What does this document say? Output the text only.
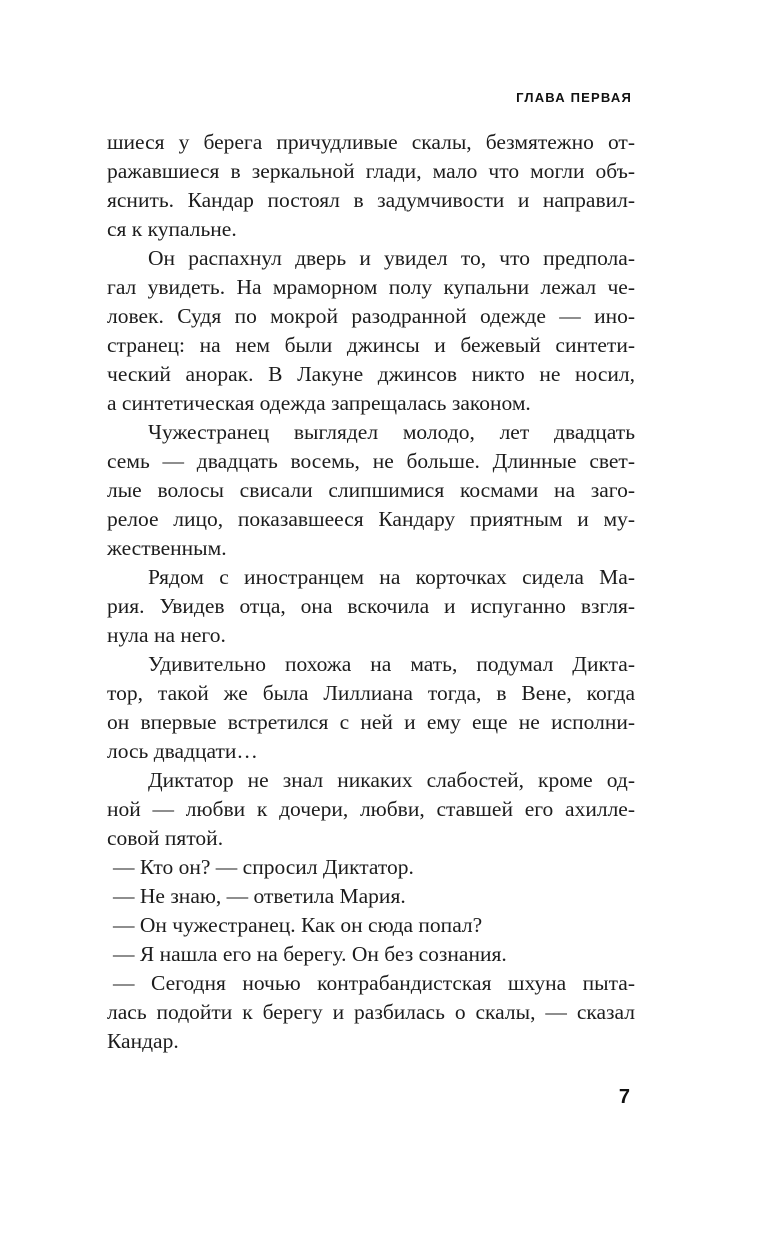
ГЛАВА ПЕРВАЯ
шиеся у берега причудливые скалы, безмятежно от-
ражавшиеся в зеркальной глади, мало что могли объ-
яснить. Кандар постоял в задумчивости и направил-
ся к купальне.
Он распахнул дверь и увидел то, что предпола-
гал увидеть. На мраморном полу купальни лежал че-
ловек. Судя по мокрой разодранной одежде — ино-
странец: на нем были джинсы и бежевый синтети-
ческий анорак. В Лакуне джинсов никто не носил,
а синтетическая одежда запрещалась законом.
Чужестранец выглядел молодо, лет двадцать
семь — двадцать восемь, не больше. Длинные свет-
лые волосы свисали слипшимися космами на заго-
релое лицо, показавшееся Кандару приятным и му-
жественным.
Рядом с иностранцем на корточках сидела Ма-
рия. Увидев отца, она вскочила и испуганно взгля-
нула на него.
Удивительно похожа на мать, подумал Дикта-
тор, такой же была Лиллиана тогда, в Вене, когда
он впервые встретился с ней и ему еще не исполни-
лось двадцати…
Диктатор не знал никаких слабостей, кроме од-
ной — любви к дочери, любви, ставшей его ахилле-
совой пятой.
— Кто он? — спросил Диктатор.
— Не знаю, — ответила Мария.
— Он чужестранец. Как он сюда попал?
— Я нашла его на берегу. Он без сознания.
— Сегодня ночью контрабандистская шхуна пыта-
лась подойти к берегу и разбилась о скалы, — сказал
Кандар.
7
